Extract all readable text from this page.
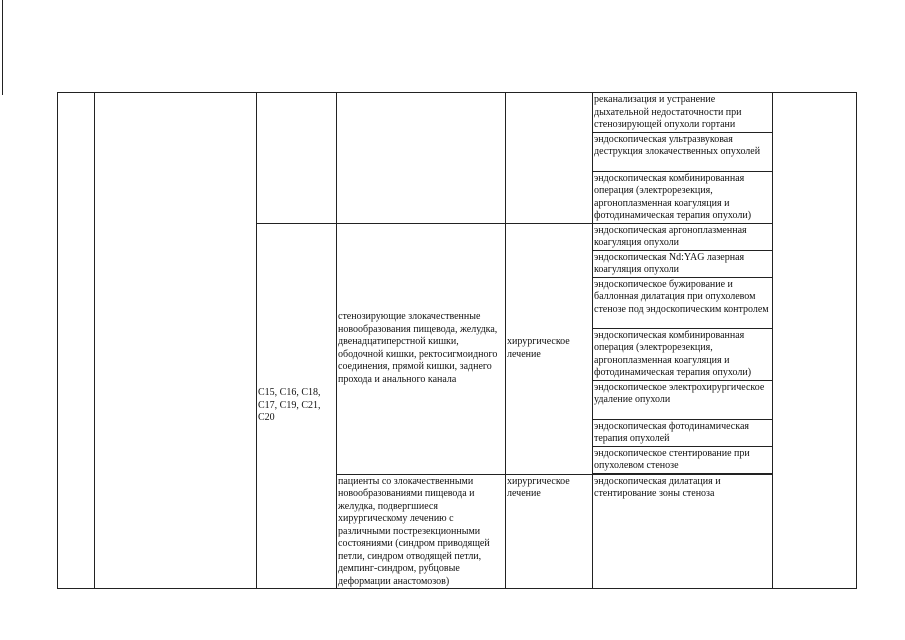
					реканализация и устранение дыхательной недостаточности при стенозирующей опухоли гортани	
					эндоскопическая ультразвуковая деструкция злокачественных опухолей	
					эндоскопическая комбинированная операция (электрорезекция, аргоноплазменная коагуляция и фотодинамическая терапия опухоли)	
		C15, C16, C18, C17, C19, C21, C20	стенозирующие злокачественные новообразования пищевода, желудка, двенадцатиперстной кишки, ободочной кишки, ректосигмоидного соединения, прямой кишки, заднего прохода и анального канала	хирургическое лечение	эндоскопическая аргоноплазменная коагуляция опухоли	
					эндоскопическая Nd:YAG лазерная коагуляция опухоли	
					эндоскопическое бужирование и баллонная дилатация при опухолевом стенозе под эндоскопическим контролем	
					эндоскопическая комбинированная операция (электрорезекция, аргоноплазменная коагуляция и фотодинамическая терапия опухоли)	
					эндоскопическое электрохирургическое удаление опухоли	
					эндоскопическая фотодинамическая терапия опухолей	
					эндоскопическое стентирование при опухолевом стенозе	

			пациенты со злокачественными новообразованиями пищевода и желудка, подвергшиеся хирургическому лечению с различными пострезекционными состояниями (синдром приводящей петли, синдром отводящей петли, демпинг-синдром, рубцовые деформации анастомозов)	хирургическое лечение	эндоскопическая дилатация и стентирование зоны стеноза	
